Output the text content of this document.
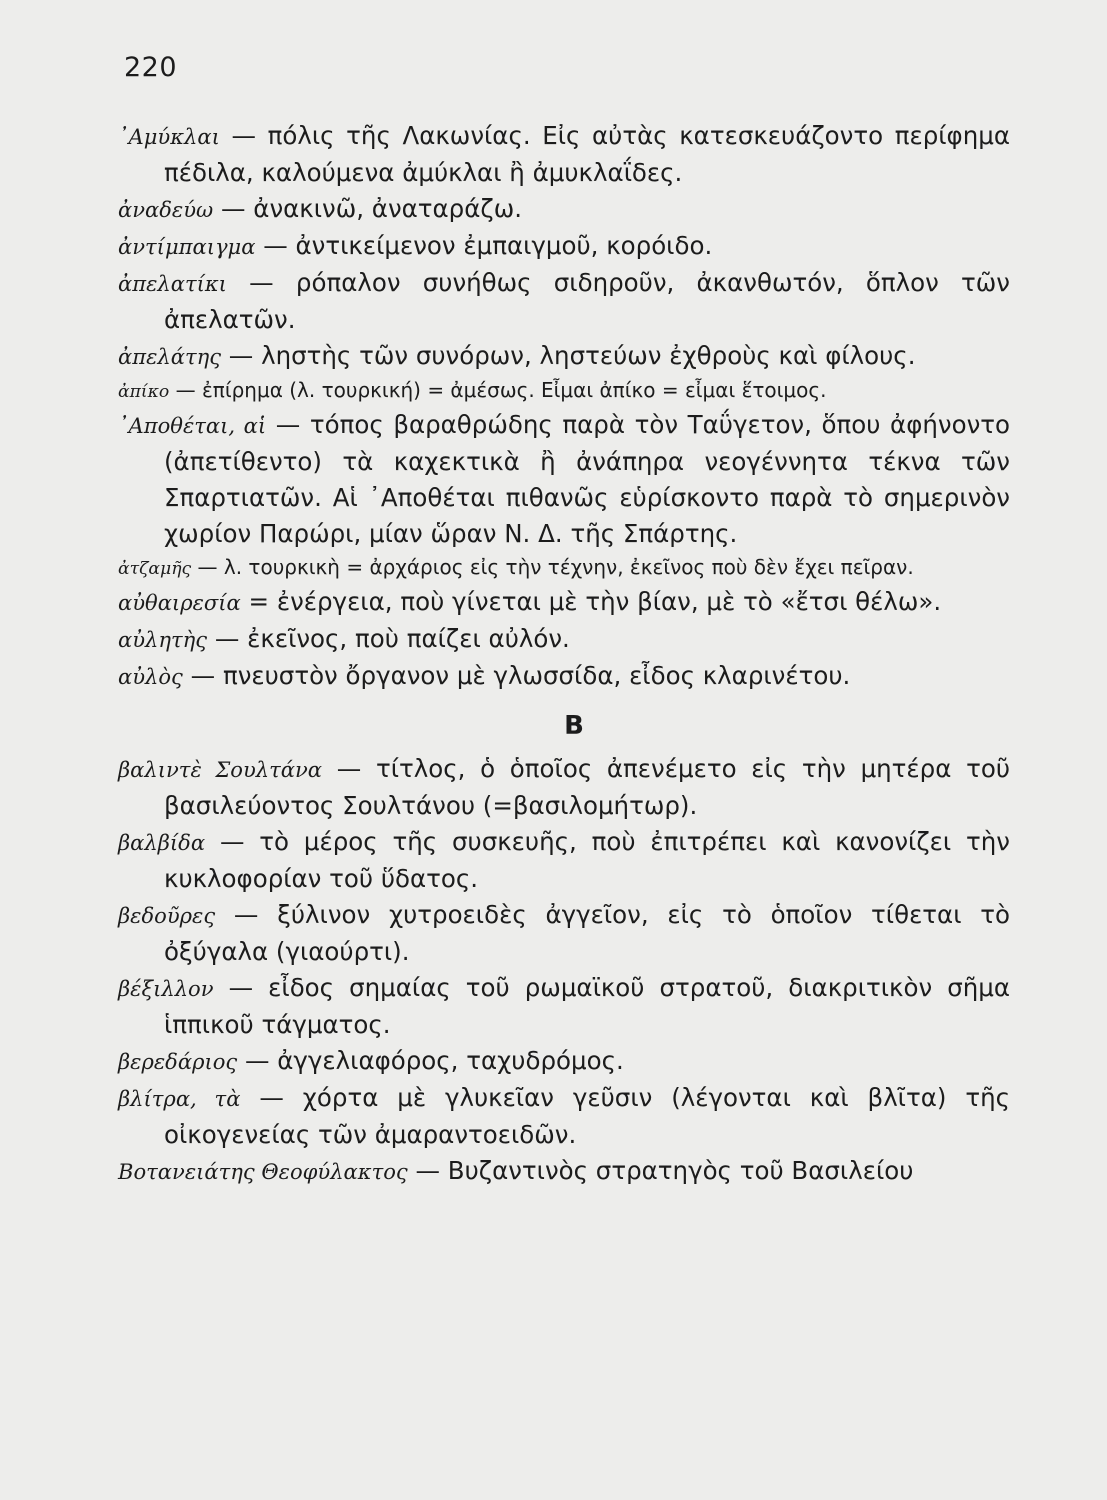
220

᾿Αμύκλαι — πόλις τῆς Λακωνίας. Εἰς αὐτὰς κατεσκευάζοντο περίφημα πέδιλα, καλούμενα ἀμύκλαι ἢ ἀμυκλαΐδες.

ἀναδεύω — ἀνακινῶ, ἀναταράζω.

ἀντίμπαιγμα — ἀντικείμενον ἐμπαιγμοῦ, κορόιδο.

ἀπελατίκι — ρόπαλον συνήθως σιδηροῦν, ἀκανθωτόν, ὅπλον τῶν ἀπελατῶν.

ἀπελάτης — ληστὴς τῶν συνόρων, ληστεύων ἐχθροὺς καὶ φίλους.

ἀπίκο — ἐπίρημα (λ. τουρκική) = ἀμέσως. Εἶμαι ἀπίκο = εἶμαι ἕτοιμος.

᾿Αποθέται, αἱ — τόπος βαραθρώδης παρὰ τὸν Ταΰγετον, ὅπου ἀφήνοντο (ἀπετίθεντο) τὰ καχεκτικὰ ἢ ἀνάπηρα νεογέννητα τέκνα τῶν Σπαρτιατῶν. Αἱ ᾿Αποθέται πιθανῶς εὑρίσκοντο παρὰ τὸ σημερινὸν χωρίον Παρώρι, μίαν ὥραν Ν. Δ. τῆς Σπάρτης.

ἀτζαμῆς — λ. τουρκικὴ = ἀρχάριος εἰς τὴν τέχνην, ἐκεῖνος ποὺ δὲν ἔχει πεῖραν.

αὐθαιρεσία = ἐνέργεια, ποὺ γίνεται μὲ τὴν βίαν, μὲ τὸ «ἔτσι θέλω».

αὐλητὴς — ἐκεῖνος, ποὺ παίζει αὐλόν.

αὐλὸς — πνευστὸν ὄργανον μὲ γλωσσίδα, εἶδος κλαρινέτου.

Β

βαλιντὲ Σουλτάνα — τίτλος, ὁ ὁποῖος ἀπενέμετο εἰς τὴν μητέρα τοῦ βασιλεύοντος Σουλτάνου (=βασιλομήτωρ).

βαλβίδα — τὸ μέρος τῆς συσκευῆς, ποὺ ἐπιτρέπει καὶ κανονίζει τὴν κυκλοφορίαν τοῦ ὕδατος.

βεδοῦρες — ξύλινον χυτροειδὲς ἀγγεῖον, εἰς τὸ ὁποῖον τίθεται τὸ ὀξύγαλα (γιαούρτι).

βέξιλλον — εἶδος σημαίας τοῦ ρωμαϊκοῦ στρατοῦ, διακριτικὸν σῆμα ἱππικοῦ τάγματος.

βερεδάριος — ἀγγελιαφόρος, ταχυδρόμος.

βλίτρα, τὰ — χόρτα μὲ γλυκεῖαν γεῦσιν (λέγονται καὶ βλῖτα) τῆς οἰκογενείας τῶν ἀμαραντοειδῶν.

Βοτανειάτης Θεοφύλακτος — Βυζαντινὸς στρατηγὸς τοῦ Βασιλείου
